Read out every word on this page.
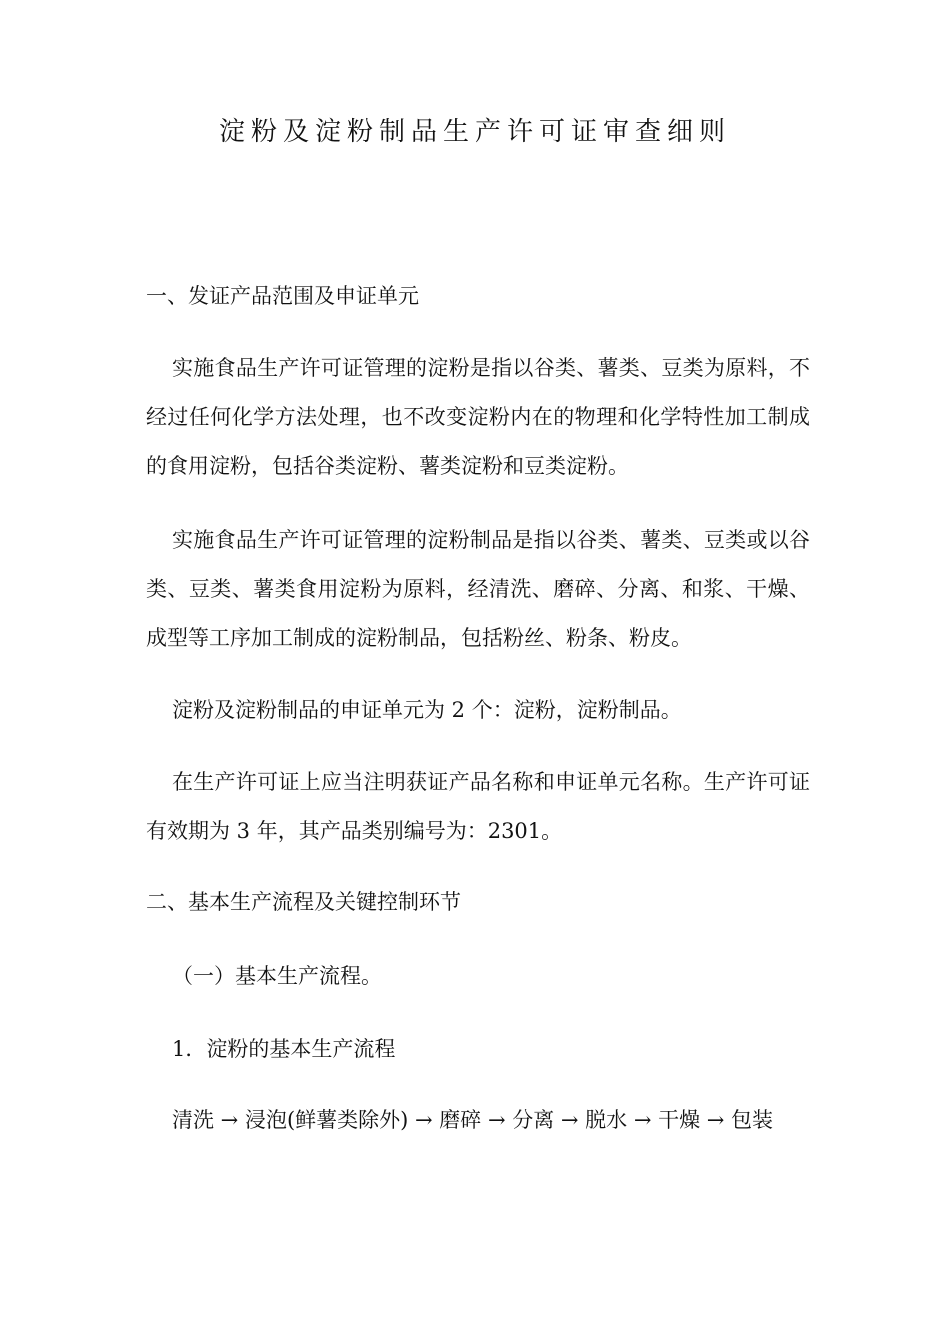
淀粉及淀粉制品生产许可证审查细则
一、发证产品范围及申证单元

实施食品生产许可证管理的淀粉是指以谷类、薯类、豆类为原料，不经过任何化学方法处理，也不改变淀粉内在的物理和化学特性加工制成的食用淀粉，包括谷类淀粉、薯类淀粉和豆类淀粉。

实施食品生产许可证管理的淀粉制品是指以谷类、薯类、豆类或以谷类、豆类、薯类食用淀粉为原料，经清洗、磨碎、分离、和浆、干燥、成型等工序加工制成的淀粉制品，包括粉丝、粉条、粉皮。

淀粉及淀粉制品的申证单元为 2 个：淀粉，淀粉制品。

在生产许可证上应当注明获证产品名称和申证单元名称。生产许可证有效期为 3 年，其产品类别编号为：2301。

二、基本生产流程及关键控制环节

（一）基本生产流程。

1．淀粉的基本生产流程

清洗 → 浸泡(鲜薯类除外) → 磨碎 → 分离 → 脱水 → 干燥 → 包装
